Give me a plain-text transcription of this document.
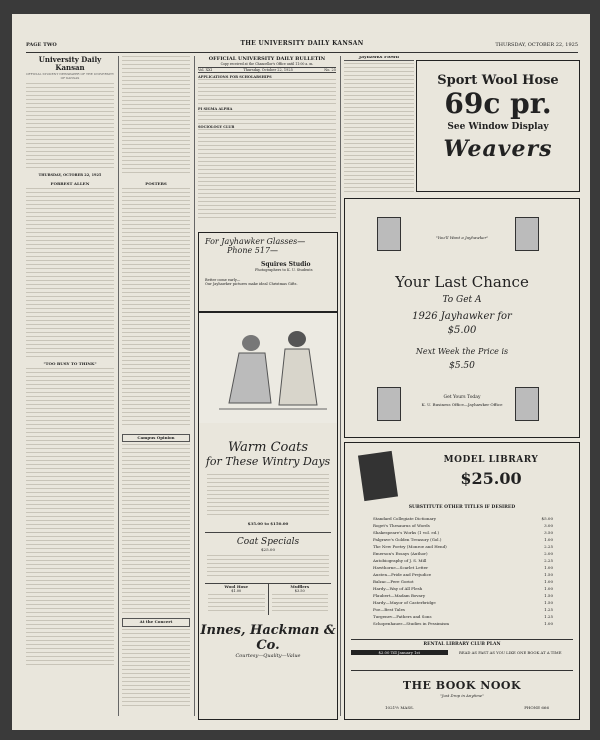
PAGE TWO	THE UNIVERSITY DAILY KANSAN	THURSDAY, OCTOBER 22, 1925
University Daily Kansan
OFFICIAL STUDENT NEWSPAPER OF THE UNIVERSITY OF KANSAS
THURSDAY, OCTOBER 22, 1925
FORREST ALLEN
"TOO BUSY TO THINK"
POSTERS
Campus Opinion
At the Concert
OFFICIAL UNIVERSITY DAILY BULLETIN
Copy received at the Chancellor's Office until 11:00 a. m.
Vol. XXI	Thursday, October 22, 1925	No. 25
APPLICATIONS FOR SCHOLARSHIPS
PI SIGMA ALPHA
SOCIOLOGY CLUB
For Jayhawker Glasses—
Phone 517—
Squires Studio
Photographers to K. U. Students
Better come early—
Our Jayhawker pictures make ideal Christmas Gifts.
Warm Coats
for These Wintry Days
$35.00 to $150.00
Coat Specials
$25.00
Wool Hose
$1.00
Mufflers
$3.50
Innes, Hackman & Co.
Courtesy—Quality—Value
Jayhawks Flown
Sport Wool Hose
69c pr.
See Window Display
Weavers
"You'll Want a Jayhawker"
Your Last Chance
To Get A
1926 Jayhawker for
$5.00
Next Week the Price is
$5.50
Get Yours Today
K. U. Business Office—Jayhawker Office
MODEL LIBRARY
$25.00
SUBSTITUTE OTHER TITLES IF DESIRED
Standard Collegiate Dictionary	$5.00
Roget's Thesaurus of Words	3.00
Shakespeare's Works (1 vol. ed.)	3.50
Palgrave's Golden Treasury (Gol.)	1.00
The New Poetry (Monroe and Hend)	2.25
Emerson's Essays (Author)	2.00
Autobiography of J. S. Mill	2.25
Hawthorne—Scarlet Letter	1.00
Austen—Pride and Prejudice	1.50
Balzac—Pere Goriot	1.00
Hardy—Way of All Flesh	1.00
Flaubert—Madam Bovary	1.50
Hardy—Mayor of Casterbridge	1.50
Poe—Best Tales	1.25
Turgenev—Fathers and Sons	1.25
Schopenhauer—Studies in Pessimism	1.00
RENTAL LIBRARY CLUB PLAN
$2.00 Till January 1st	READ AS FAST AS YOU LIKE ONE BOOK AT A TIME
THE BOOK NOOK
"Just Drop in Anytime"
1021½ MASS.	PHONE 666
